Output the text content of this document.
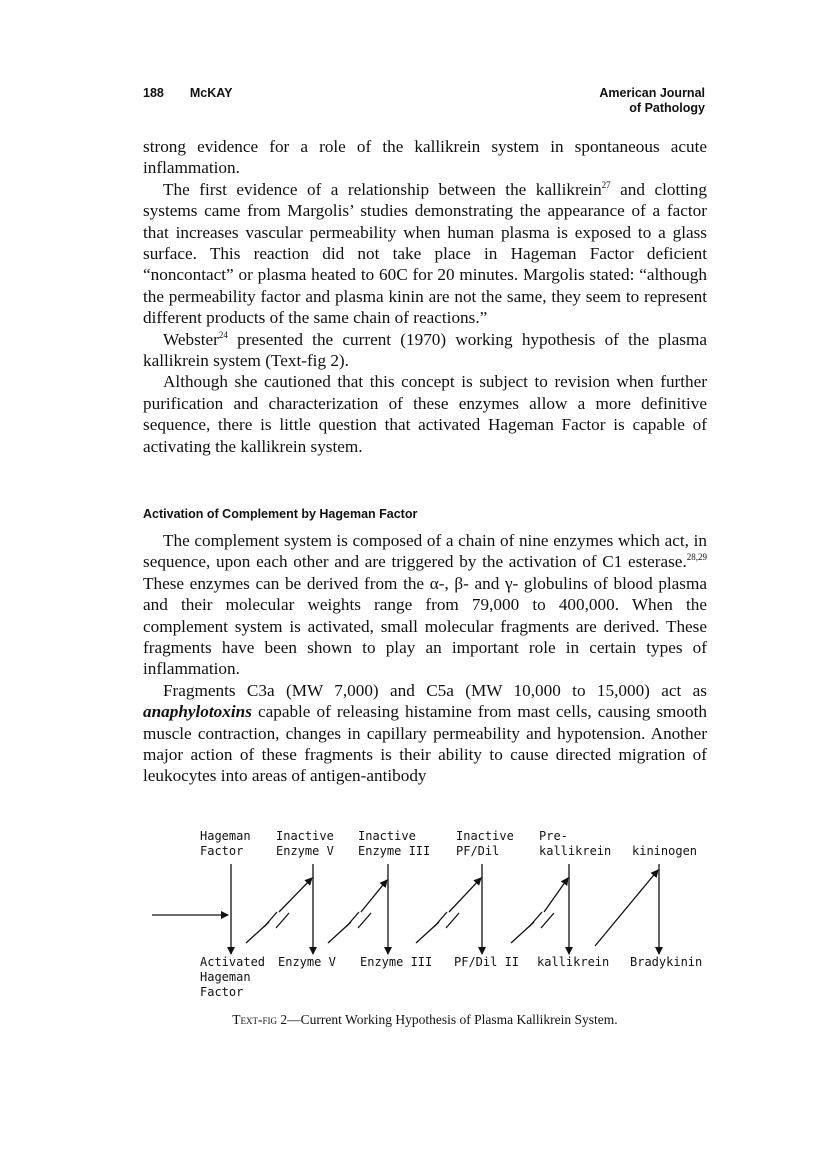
188 McKAY	American Journal
of Pathology

strong evidence for a role of the kallikrein system in spontaneous acute inflammation.

The first evidence of a relationship between the kallikrein$^{27}$ and clotting systems came from Margolis’ studies demonstrating the appearance of a factor that increases vascular permeability when human plasma is exposed to a glass surface. This reaction did not take place in Hageman Factor deficient “noncontact” or plasma heated to 60C for 20 minutes. Margolis stated: “although the permeability factor and plasma kinin are not the same, they seem to represent different products of the same chain of reactions.”

Webster$^{24}$ presented the current (1970) working hypothesis of the plasma kallikrein system (Text-fig 2).

Although she cautioned that this concept is subject to revision when further purification and characterization of these enzymes allow a more definitive sequence, there is little question that activated Hageman Factor is capable of activating the kallikrein system.

Activation of Complement by Hageman Factor

The complement system is composed of a chain of nine enzymes which act, in sequence, upon each other and are triggered by the activation of C1 esterase.$^{28,29}$ These enzymes can be derived from the α-, β- and γ- globulins of blood plasma and their molecular weights range from 79,000 to 400,000. When the complement system is activated, small molecular fragments are derived. These fragments have been shown to play an important role in certain types of inflammation.

Fragments C3a (MW 7,000) and C5a (MW 10,000 to 15,000) act as anaphylotoxins capable of releasing histamine from mast cells, causing smooth muscle contraction, changes in capillary permeability and hypotension. Another major action of these fragments is their ability to cause directed migration of leukocytes into areas of antigen-antibody

Hageman
Factor
Inactive
Enzyme V
Inactive
Enzyme III
Inactive
PF/Dil
Pre-
kallikrein kininogen
Activated
Hageman
Factor
Enzyme V Enzyme III PF/Dil II kallikrein Bradykinin
Text-fig 2—Current Working Hypothesis of Plasma Kallikrein System.
